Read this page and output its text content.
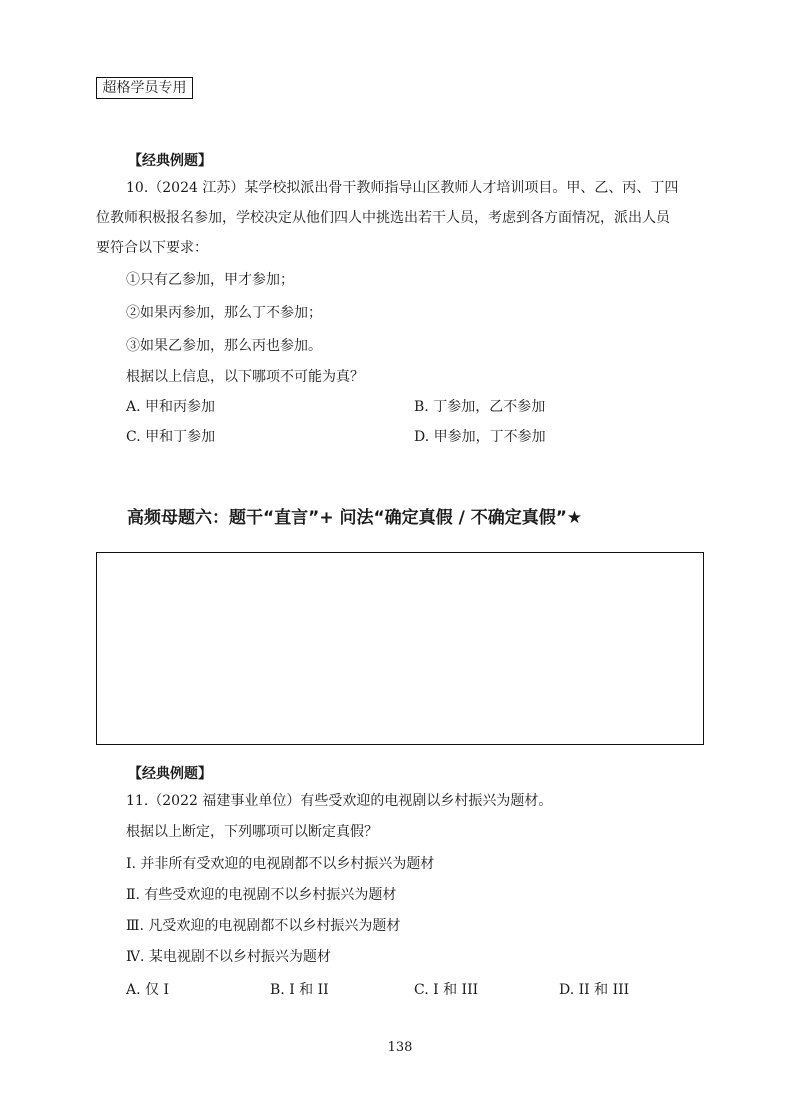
超格学员专用
【经典例题】
10.（2024 江苏）某学校拟派出骨干教师指导山区教师人才培训项目。甲、乙、丙、丁四
位教师积极报名参加，学校决定从他们四人中挑选出若干人员，考虑到各方面情况，派出人员
要符合以下要求：
①只有乙参加，甲才参加；
②如果丙参加，那么丁不参加；
③如果乙参加，那么丙也参加。
根据以上信息，以下哪项不可能为真？
A. 甲和丙参加	B. 丁参加，乙不参加
C. 甲和丁参加	D. 甲参加，丁不参加
高频母题六：题干“直言”+ 问法“确定真假 / 不确定真假”★
【经典例题】
11.（2022 福建事业单位）有些受欢迎的电视剧以乡村振兴为题材。
根据以上断定，下列哪项可以断定真假？
Ⅰ. 并非所有受欢迎的电视剧都不以乡村振兴为题材
Ⅱ. 有些受欢迎的电视剧不以乡村振兴为题材
Ⅲ. 凡受欢迎的电视剧都不以乡村振兴为题材
Ⅳ. 某电视剧不以乡村振兴为题材
A. 仅 I	B. I 和 II	C. I 和 III	D. II 和 III
138
